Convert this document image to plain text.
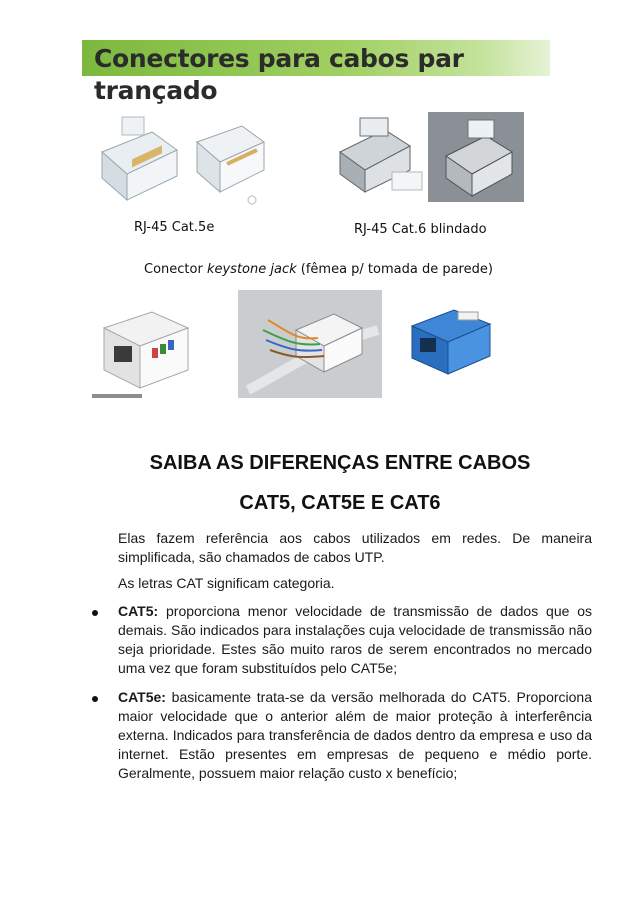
Conectores para cabos par
trançado
RJ-45 Cat.5e	RJ-45 Cat.6 blindado
Conector keystone jack (fêmea p/ tomada de parede)
SAIBA AS DIFERENÇAS ENTRE CABOS
CAT5, CAT5E E CAT6

Elas fazem referência aos cabos utilizados em redes. De maneira simplificada, são chamados de cabos UTP.

As letras CAT significam categoria.

CAT5: proporciona menor velocidade de transmissão de dados que os demais. São indicados para instalações cuja velocidade de transmissão não seja prioridade. Estes são muito raros de serem encontrados no mercado uma vez que foram substituídos pelo CAT5e;

CAT5e: basicamente trata-se da versão melhorada do CAT5. Proporciona maior velocidade que o anterior além de maior proteção à interferência externa. Indicados para transferência de dados dentro da empresa e uso da internet. Estão presentes em empresas de pequeno e médio porte. Geralmente, possuem maior relação custo x benefício;
